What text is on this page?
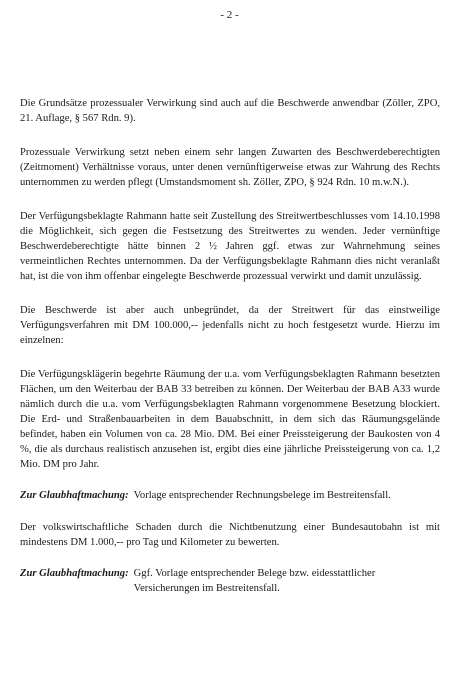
- 2 -

Die Grundsätze prozessualer Verwirkung sind auch auf die Beschwerde anwendbar (Zöller, ZPO, 21. Auflage, § 567 Rdn. 9).

Prozessuale Verwirkung setzt neben einem sehr langen Zuwarten des Beschwerdeberechtigten (Zeitmoment) Verhältnisse voraus, unter denen vernünftigerweise etwas zur Wahrung des Rechts unternommen zu werden pflegt (Umstandsmoment sh. Zöller, ZPO, § 924 Rdn. 10 m.w.N.).

Der Verfügungsbeklagte Rahmann hatte seit Zustellung des Streitwertbeschlusses vom 14.10.1998 die Möglichkeit, sich gegen die Festsetzung des Streitwertes zu wenden. Jeder vernünftige Beschwerdeberechtigte hätte binnen 2 ½ Jahren ggf. etwas zur Wahrnehmung seines vermeintlichen Rechtes unternommen. Da der Verfügungsbeklagte Rahmann dies nicht veranlaßt hat, ist die von ihm offenbar eingelegte Beschwerde prozessual verwirkt und damit unzulässig.

Die Beschwerde ist aber auch unbegründet, da der Streitwert für das einstweilige Verfügungsverfahren mit DM 100.000,-- jedenfalls nicht zu hoch festgesetzt wurde. Hierzu im einzelnen:

Die Verfügungsklägerin begehrte Räumung der u.a. vom Verfügungsbeklagten Rahmann besetzten Flächen, um den Weiterbau der BAB 33 betreiben zu können. Der Weiterbau der BAB A33 wurde nämlich durch die u.a. vom Verfügungsbeklagten Rahmann vorgenommene Besetzung blockiert. Die Erd- und Straßenbauarbeiten in dem Bauabschnitt, in dem sich das Räumungsgelände befindet, haben ein Volumen von ca. 28 Mio. DM. Bei einer Preissteigerung der Baukosten von 4 %, die als durchaus realistisch anzusehen ist, ergibt dies eine jährliche Preissteigerung von ca. 1,2 Mio. DM pro Jahr.

Zur Glaubhaftmachung: Vorlage entsprechender Rechnungsbelege im Bestreitensfall.

Der volkswirtschaftliche Schaden durch die Nichtbenutzung einer Bundesautobahn ist mit mindestens DM 1.000,-- pro Tag und Kilometer zu bewerten.

Zur Glaubhaftmachung: Ggf. Vorlage entsprechender Belege bzw. eidesstattlicher Versicherungen im Bestreitensfall.
